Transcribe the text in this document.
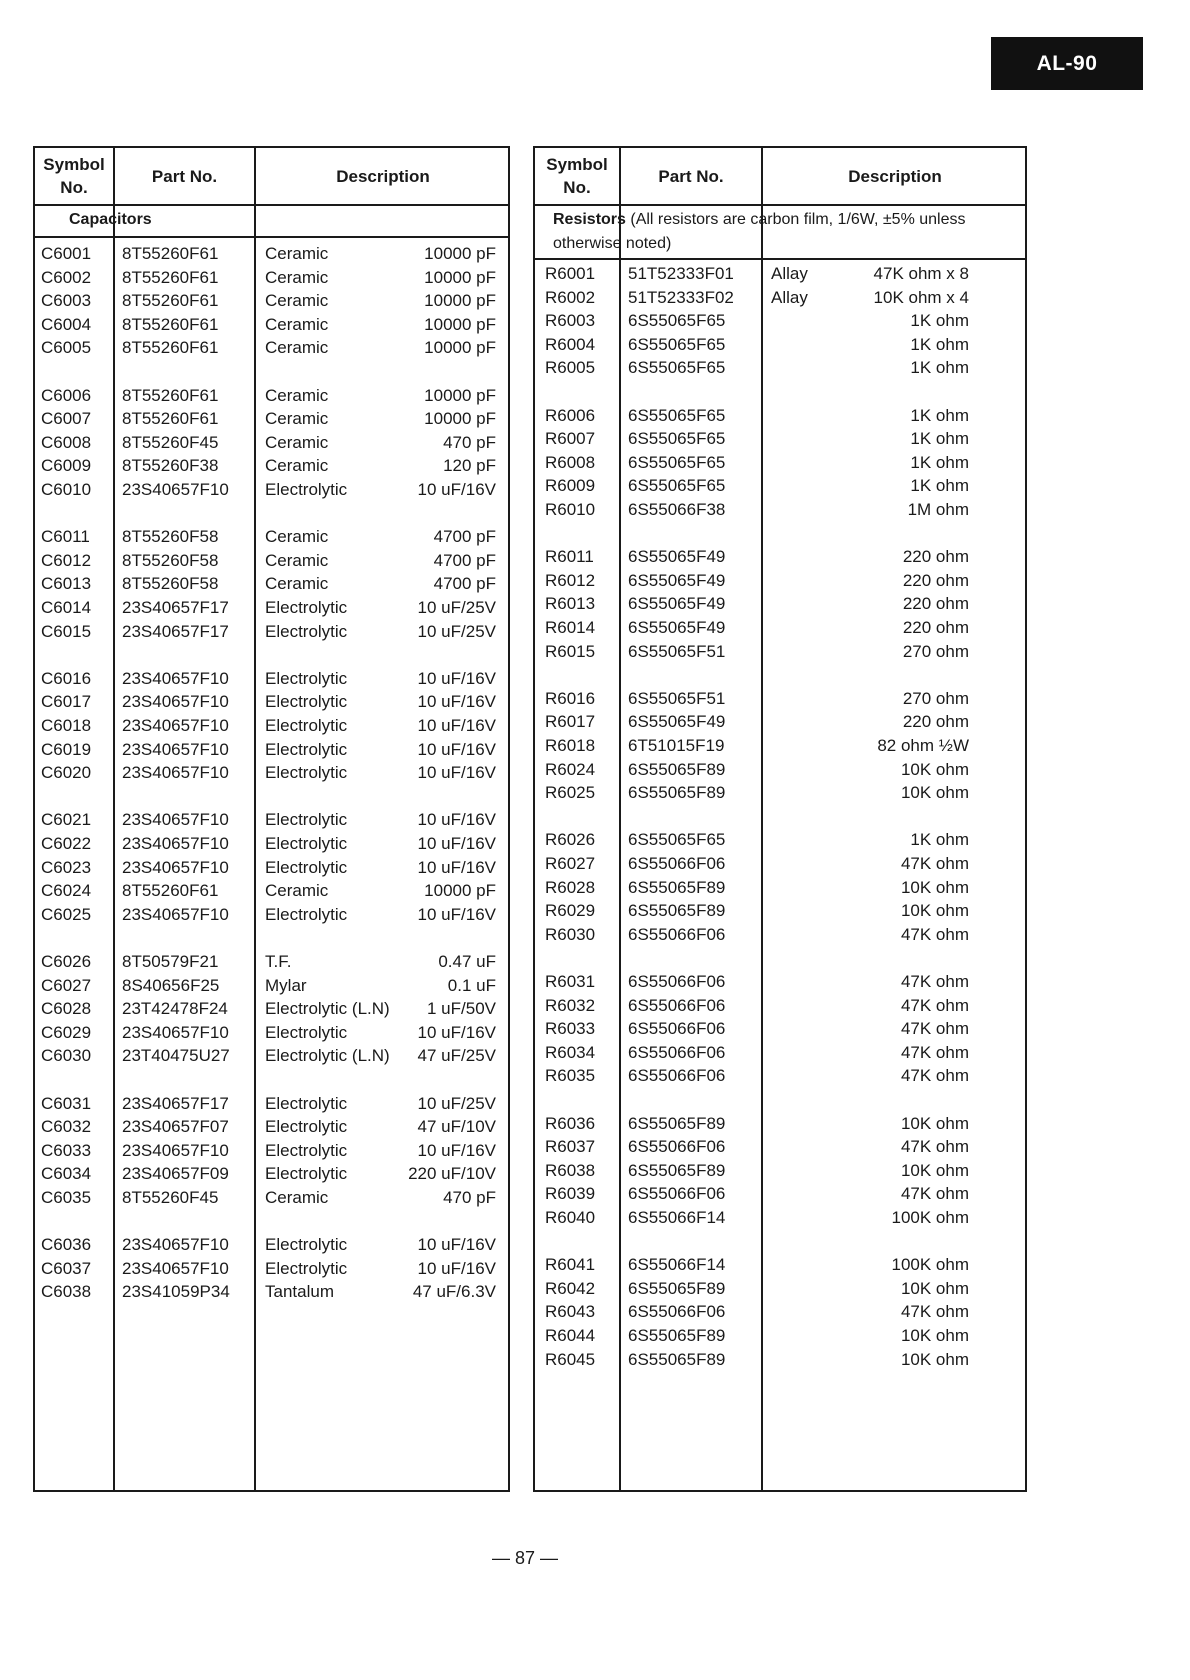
AL-90
Symbol No.
Part No.	Description
Capacitors
C6001 8T55260F61	Ceramic	10000 pF
C6002 8T55260F61	Ceramic	10000 pF
C6003 8T55260F61	Ceramic	10000 pF
C6004 8T55260F61	Ceramic	10000 pF
C6005 8T55260F61	Ceramic	10000 pF
C6006 8T55260F61	Ceramic	10000 pF
C6007 8T55260F61	Ceramic	10000 pF
C6008 8T55260F45	Ceramic	470 pF
C6009 8T55260F38	Ceramic	120 pF
C6010 23S40657F10 Electrolytic	10 uF/16V
C6011 8T55260F58	Ceramic	4700 pF
C6012 8T55260F58	Ceramic	4700 pF
C6013 8T55260F58	Ceramic	4700 pF
C6014 23S40657F17 Electrolytic	10 uF/25V
C6015 23S40657F17 Electrolytic	10 uF/25V
C6016 23S40657F10 Electrolytic	10 uF/16V
C6017 23S40657F10 Electrolytic	10 uF/16V
C6018 23S40657F10 Electrolytic	10 uF/16V
C6019 23S40657F10 Electrolytic	10 uF/16V
C6020 23S40657F10 Electrolytic	10 uF/16V
C6021 23S40657F10 Electrolytic	10 uF/16V
C6022 23S40657F10 Electrolytic	10 uF/16V
C6023 23S40657F10 Electrolytic	10 uF/16V
C6024 8T55260F61	Ceramic	10000 pF
C6025 23S40657F10 Electrolytic	10 uF/16V
C6026 8T50579F21	T.F.	0.47 uF
C6027 8S40656F25	Mylar	0.1 uF
C6028 23T42478F24 Electrolytic (L.N) 1 uF/50V
C6029 23S40657F10 Electrolytic	10 uF/16V
C6030 23T40475U27 Electrolytic (L.N) 47 uF/25V
C6031 23S40657F17 Electrolytic	10 uF/25V
C6032 23S40657F07 Electrolytic	47 uF/10V
C6033 23S40657F10 Electrolytic	10 uF/16V
C6034 23S40657F09 Electrolytic	220 uF/10V
C6035 8T55260F45	Ceramic	470 pF
C6036 23S40657F10 Electrolytic	10 uF/16V
C6037 23S40657F10 Electrolytic	10 uF/16V
C6038 23S41059P34 Tantalum	47 uF/6.3V
Symbol No.
Part No.	Description
Resistors (All resistors are carbon film, 1/6W, ±5% unless otherwise noted)
R6001 51T52333F01 Allay	47K ohm x 8
R6002 51T52333F02 Allay	10K ohm x 4
R6003 6S55065F65	1K ohm
R6004 6S55065F65	1K ohm
R6005 6S55065F65	1K ohm
R6006 6S55065F65	1K ohm
R6007 6S55065F65	1K ohm
R6008 6S55065F65	1K ohm
R6009 6S55065F65	1K ohm
R6010 6S55066F38	1M ohm
R6011 6S55065F49	220 ohm
R6012 6S55065F49	220 ohm
R6013 6S55065F49	220 ohm
R6014 6S55065F49	220 ohm
R6015 6S55065F51	270 ohm
R6016 6S55065F51	270 ohm
R6017 6S55065F49	220 ohm
R6018 6T51015F19	82 ohm ½W
R6024 6S55065F89	10K ohm
R6025 6S55065F89	10K ohm
R6026 6S55065F65	1K ohm
R6027 6S55066F06	47K ohm
R6028 6S55065F89	10K ohm
R6029 6S55065F89	10K ohm
R6030 6S55066F06	47K ohm
R6031 6S55066F06	47K ohm
R6032 6S55066F06	47K ohm
R6033 6S55066F06	47K ohm
R6034 6S55066F06	47K ohm
R6035 6S55066F06	47K ohm
R6036 6S55065F89	10K ohm
R6037 6S55066F06	47K ohm
R6038 6S55065F89	10K ohm
R6039 6S55066F06	47K ohm
R6040 6S55066F14	100K ohm
R6041 6S55066F14	100K ohm
R6042 6S55065F89	10K ohm
R6043 6S55066F06	47K ohm
R6044 6S55065F89	10K ohm
R6045 6S55065F89	10K ohm
— 87 —
